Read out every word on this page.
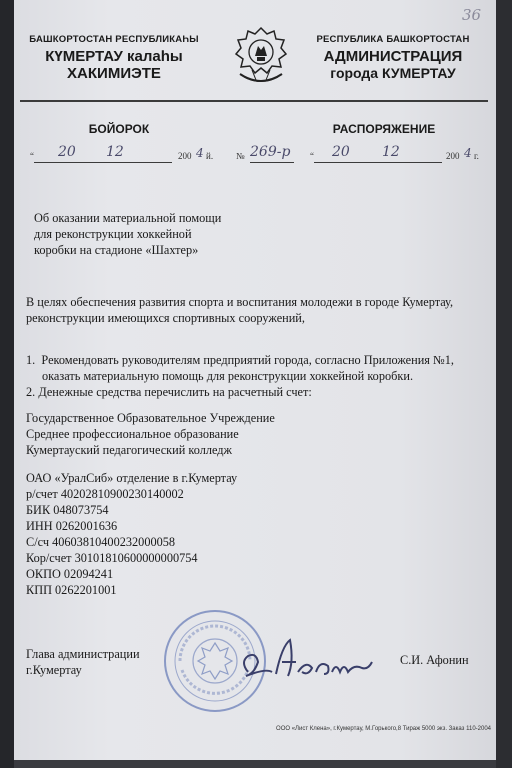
36
БАШКОРТОСТАН РЕСПУБЛИКАҺЫ
КҮМЕРТАУ калаһы
ХАКИМИЭТЕ
РЕСПУБЛИКА БАШКОРТОСТАН
АДМИНИСТРАЦИЯ
города КУМЕРТАУ
БОЙОРОК	РАСПОРЯЖЕНИЕ
“ 20 12	200 4 й.	№ 269-р “ 20 12	200 4 г.
Об оказании материальной помощи
для реконструкции хоккейной
коробки на стадионе «Шахтер»
В целях обеспечения развития спорта и воспитания молодежи в городе Кумертау,
реконструкции имеющихся спортивных сооружений,
1. Рекомендовать руководителям предприятий города, согласно Приложения №1,
оказать материальную помощь для реконструкции хоккейной коробки.
2. Денежные средства перечислить на расчетный счет:
Государственное Образовательное Учреждение
Среднее профессиональное образование
Кумертауский педагогический колледж
ОАО «УралСиб» отделение в г.Кумертау
р/счет 40202810900230140002
БИК 048073754
ИНН 0262001636
С/сч 40603810400232000058
Кор/счет 30101810600000000754
ОКПО 02094241
КПП 0262201001
Глава администрации
г.Кумертау
С.И. Афонин
ООО «Лист Клена», г.Кумертау, М.Горького,8 Тираж 5000 экз. Заказ 110-2004
